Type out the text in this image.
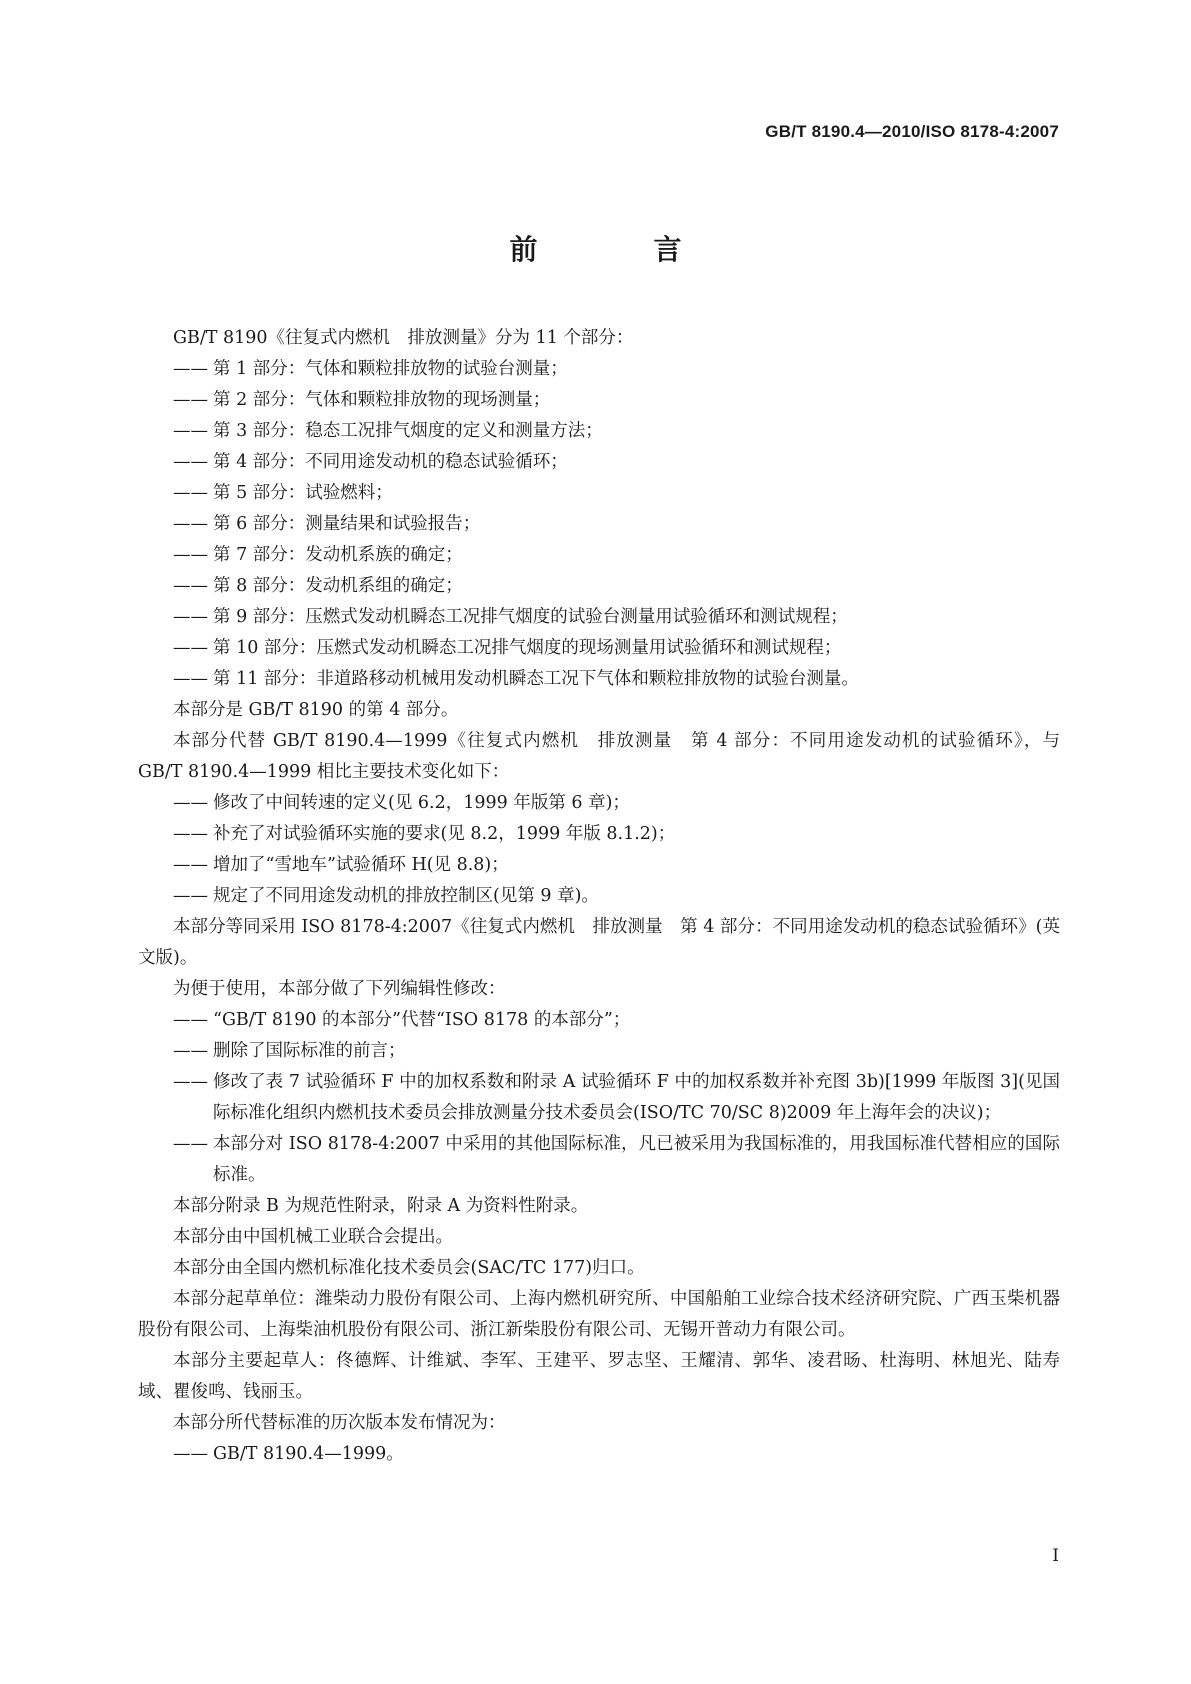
GB/T 8190.4—2010/ISO 8178-4:2007
前　言

GB/T 8190《往复式内燃机　排放测量》分为 11 个部分：

—— 第 1 部分：气体和颗粒排放物的试验台测量；

—— 第 2 部分：气体和颗粒排放物的现场测量；

—— 第 3 部分：稳态工况排气烟度的定义和测量方法；

—— 第 4 部分：不同用途发动机的稳态试验循环；

—— 第 5 部分：试验燃料；

—— 第 6 部分：测量结果和试验报告；

—— 第 7 部分：发动机系族的确定；

—— 第 8 部分：发动机系组的确定；

—— 第 9 部分：压燃式发动机瞬态工况排气烟度的试验台测量用试验循环和测试规程；

—— 第 10 部分：压燃式发动机瞬态工况排气烟度的现场测量用试验循环和测试规程；

—— 第 11 部分：非道路移动机械用发动机瞬态工况下气体和颗粒排放物的试验台测量。

本部分是 GB/T 8190 的第 4 部分。

本部分代替 GB/T 8190.4—1999《往复式内燃机　排放测量　第 4 部分：不同用途发动机的试验循环》，与 GB/T 8190.4—1999 相比主要技术变化如下：

—— 修改了中间转速的定义(见 6.2，1999 年版第 6 章)；

—— 补充了对试验循环实施的要求(见 8.2，1999 年版 8.1.2)；

—— 增加了“雪地车”试验循环 H(见 8.8)；

—— 规定了不同用途发动机的排放控制区(见第 9 章)。

本部分等同采用 ISO 8178-4:2007《往复式内燃机　排放测量　第 4 部分：不同用途发动机的稳态试验循环》(英文版)。

为便于使用，本部分做了下列编辑性修改：

—— “GB/T 8190 的本部分”代替“ISO 8178 的本部分”；

—— 删除了国际标准的前言；

—— 修改了表 7 试验循环 F 中的加权系数和附录 A 试验循环 F 中的加权系数并补充图 3b)[1999 年版图 3](见国际标准化组织内燃机技术委员会排放测量分技术委员会(ISO/TC 70/SC 8)2009 年上海年会的决议)；

—— 本部分对 ISO 8178-4:2007 中采用的其他国际标准，凡已被采用为我国标准的，用我国标准代替相应的国际标准。

本部分附录 B 为规范性附录，附录 A 为资料性附录。

本部分由中国机械工业联合会提出。

本部分由全国内燃机标准化技术委员会(SAC/TC 177)归口。

本部分起草单位：潍柴动力股份有限公司、上海内燃机研究所、中国船舶工业综合技术经济研究院、广西玉柴机器股份有限公司、上海柴油机股份有限公司、浙江新柴股份有限公司、无锡开普动力有限公司。

本部分主要起草人：佟德辉、计维斌、李军、王建平、罗志坚、王耀清、郭华、凌君旸、杜海明、林旭光、陆寿域、瞿俊鸣、钱丽玉。

本部分所代替标准的历次版本发布情况为：

—— GB/T 8190.4—1999。

I
